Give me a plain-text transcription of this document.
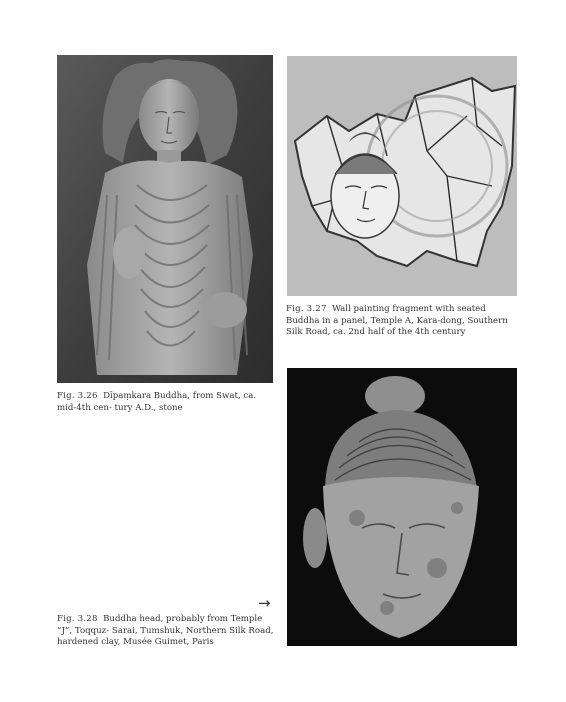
Fig. 3.27 Wall painting fragment with seated Buddha in a panel, Temple A, Kara-dong, Southern Silk Road, ca. 2nd half of the 4th century

Fig. 3.26 Dīpaṃkara Buddha, from Swat, ca. mid-4th cen- tury A.D., stone

→

Fig. 3.28 Buddha head, probably from Temple “J”, Toqquz- Sarai, Tumshuk, Northern Silk Road, hardened clay, Musée Guimet, Paris
